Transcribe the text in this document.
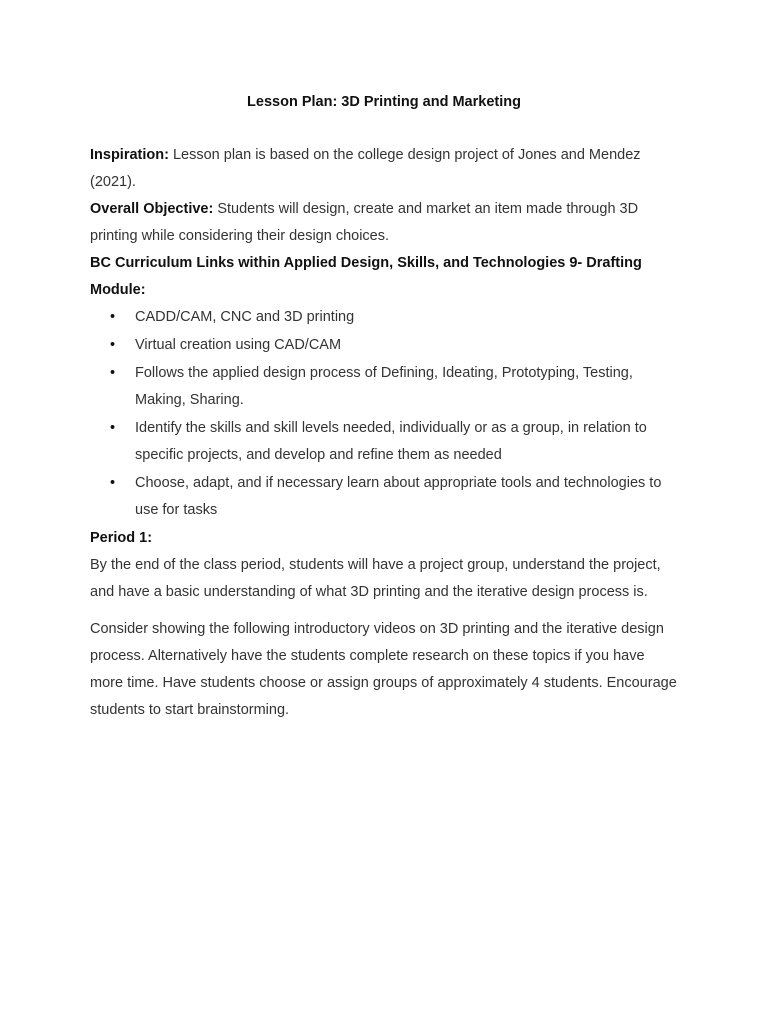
Lesson Plan: 3D Printing and Marketing

Inspiration: Lesson plan is based on the college design project of Jones and Mendez (2021).

Overall Objective: Students will design, create and market an item made through 3D printing while considering their design choices.

BC Curriculum Links within Applied Design, Skills, and Technologies 9- Drafting Module:

• CADD/CAM, CNC and 3D printing
• Virtual creation using CAD/CAM
• Follows the applied design process of Defining, Ideating, Prototyping, Testing, Making, Sharing.
• Identify the skills and skill levels needed, individually or as a group, in relation to specific projects, and develop and refine them as needed
• Choose, adapt, and if necessary learn about appropriate tools and technologies to use for tasks

Period 1:

By the end of the class period, students will have a project group, understand the project, and have a basic understanding of what 3D printing and the iterative design process is.

Consider showing the following introductory videos on 3D printing and the iterative design process. Alternatively have the students complete research on these topics if you have more time. Have students choose or assign groups of approximately 4 students. Encourage students to start brainstorming.
